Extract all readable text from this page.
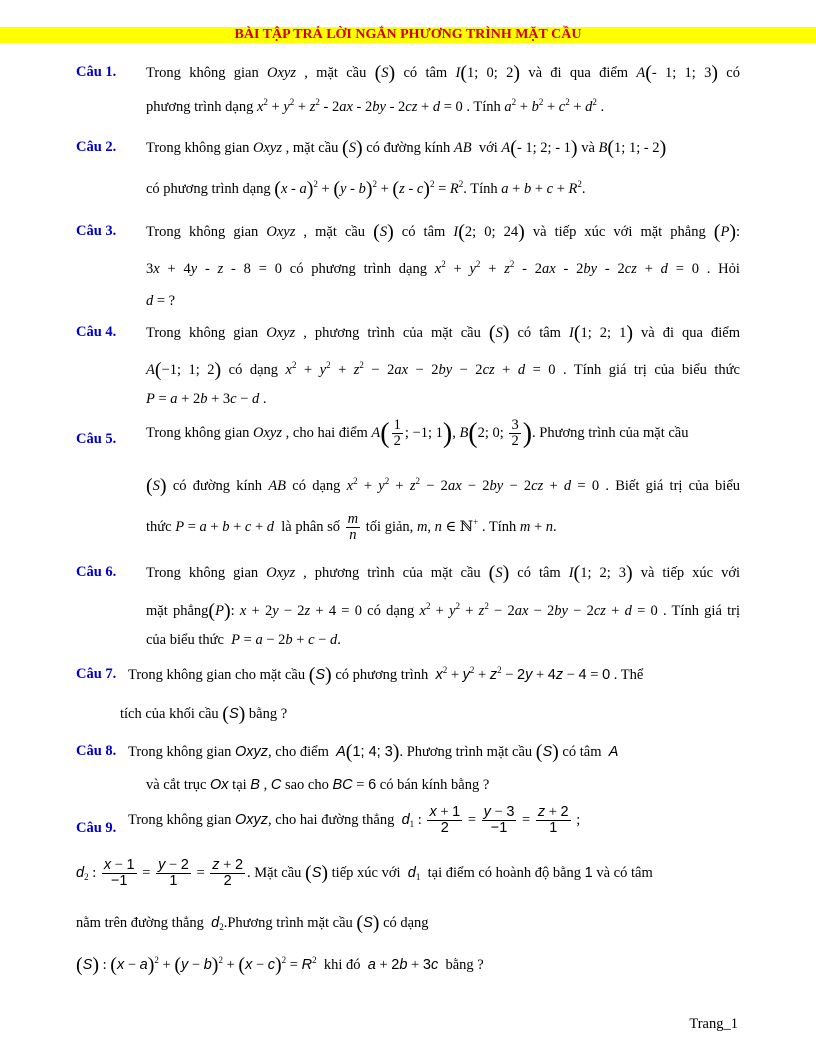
BÀI TẬP TRẢ LỜI NGẮN PHƯƠNG TRÌNH MẶT CẦU
Câu 1. Trong không gian Oxyz , mặt cầu (S) có tâm I(1; 0; 2) và đi qua điểm A(- 1; 1; 3) có
phương trình dạng $x^2 + y^2 + z^2 - 2ax - 2by - 2cz + d = 0$ . Tính $a^2 + b^2 + c^2 + d^2$ .
Câu 2. Trong không gian Oxyz , mặt cầu (S) có đường kính AB  với A(- 1; 2; - 1) và B(1; 1; - 2)
có phương trình dạng $(x - a)^2 + (y - b)^2 + (z - c)^2 = R^2$. Tính $a + b + c + R^2$.
Câu 3. Trong không gian Oxyz , mặt cầu (S) có tâm I(2; 0; 24) và tiếp xúc với mặt phẳng (P):
3x + 4y - z - 8 = 0 có phương trình dạng $x^2 + y^2 + z^2 - 2ax - 2by - 2cz + d = 0$ . Hỏi
d = ?
Câu 4. Trong không gian Oxyz , phương trình của mặt cầu (S) có tâm I(1; 2; 1) và đi qua điểm
A(−1; 1; 2) có dạng $x^2 + y^2 + z^2 - 2ax - 2by - 2cz + d = 0$ . Tính giá trị của biểu thức
P = a + 2b + 3c − d .
Câu 5. Trong không gian Oxyz , cho hai điểm $A( \frac{1}{2}$ ; −1; 1), B(2; 0; $\frac{3}{2}$ ). Phương trình của mặt cầu
(S) có đường kính AB có dạng $x^2 + y^2 + z^2 - 2ax - 2by - 2cz + d = 0$ . Biết giá trị của biểu
thức P = a + b + c + d  là phân số $\frac{m}{n}$ tối giản, m, n ∈ ℕ+ . Tính m + n.
Câu 6. Trong không gian Oxyz , phương trình của mặt cầu (S) có tâm I(1; 2; 3) và tiếp xúc với
mặt phẳng(P): x + 2y − 2z + 4 = 0 có dạng $x^2 + y^2 + z^2 - 2ax - 2by - 2cz + d = 0$ . Tính giá trị
của biểu thức  P = a − 2b + c − d.
Câu 7. Trong không gian cho mặt cầu (S) có phương trình  $x^2 + y^2 + z^2 - 2y + 4z - 4 = 0$ . Thể
tích của khối cầu (S) bằng ?
Câu 8. Trong không gian Oxyz, cho điểm  A(1; 4; 3). Phương trình mặt cầu (S) có tâm  A
và cắt trục Ox tại B , C sao cho BC = 6 có bán kính bằng ?
Câu 9. Trong không gian Oxyz, cho hai đường thẳng  $d_1$ : $\frac{x + 1}{2} = \frac{y - 3}{-1} = \frac{z + 2}{1}$ ;
$d_2$ : $\frac{x - 1}{-1} = \frac{y - 2}{1} = \frac{z + 2}{2}$ . Mặt cầu (S) tiếp xúc với  $d_1$  tại điểm có hoành độ bằng 1 và có tâm
nằm trên đường thẳng  $d_2.Phương$ trình mặt cầu (S) có dạng
(S) : $(x - a)^2 + (y - b)^2 + (x - c)^2 = R^2$  khi đó  a + 2b + 3c  bằng ?
Trang_1
